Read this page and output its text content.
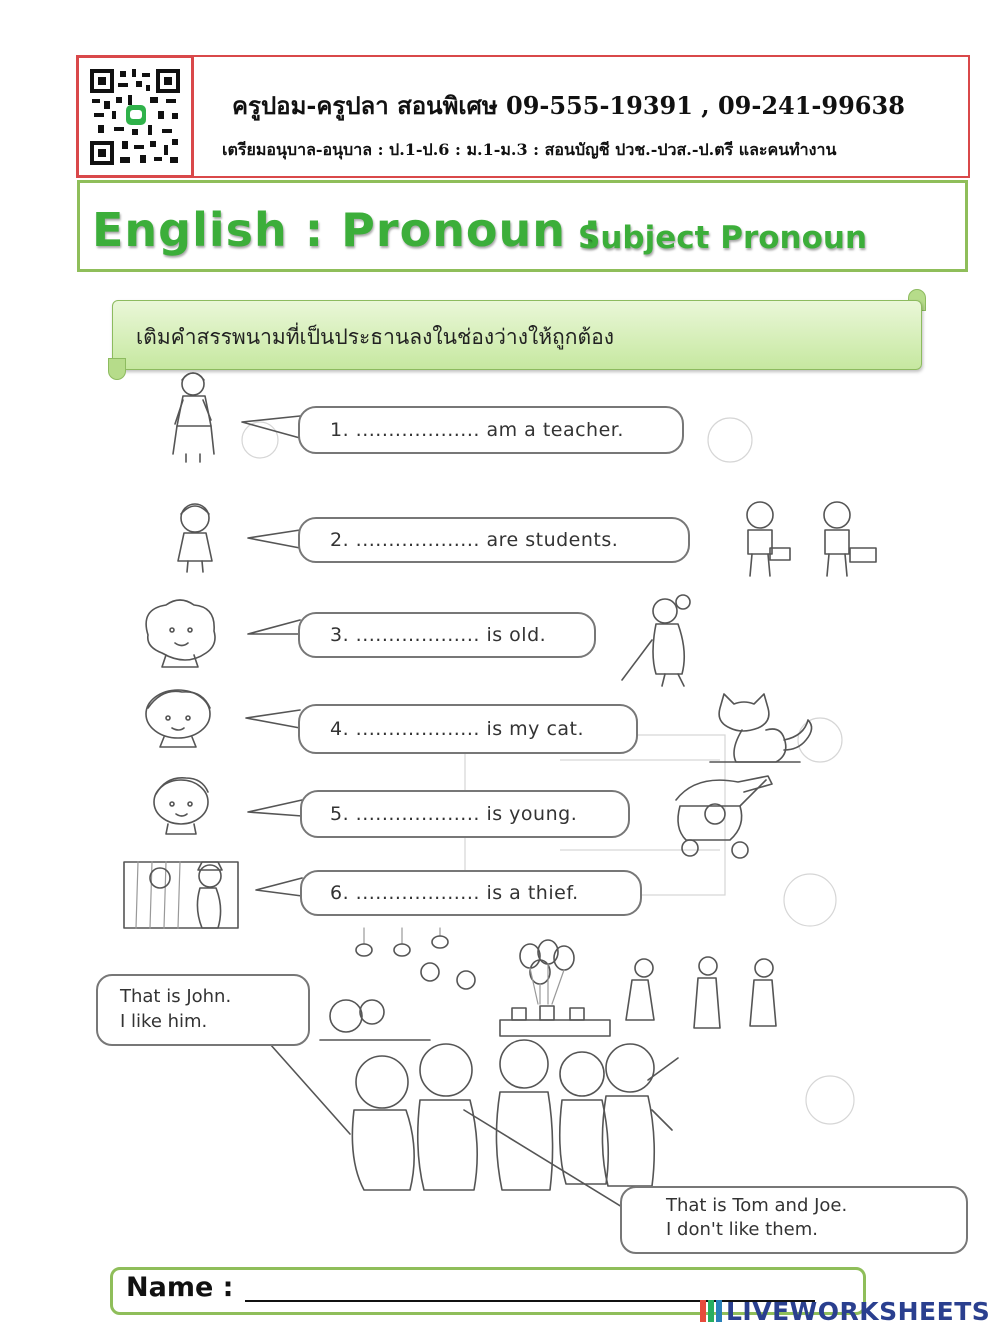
ครูปอม-ครูปลา สอนพิเศษ 09-555-19391 , 09-241-99638
เตรียมอนุบาล-อนุบาล : ป.1-ป.6 : ม.1-ม.3 : สอนบัญชี ปวช.-ปวส.-ป.ตรี และคนทำงาน
English : Pronoun :
Subject Pronoun
เติมคำสรรพนามที่เป็นประธานลงในช่องว่างให้ถูกต้อง
1. ................... am a teacher.
2. ................... are students.
3. ................... is old.
4. ................... is my cat.
5. ................... is young.
6. ................... is a thief.
That is John.
I like him.
That is Tom and Joe.
I don't like them.
Name :
LIVEWORKSHEETS
